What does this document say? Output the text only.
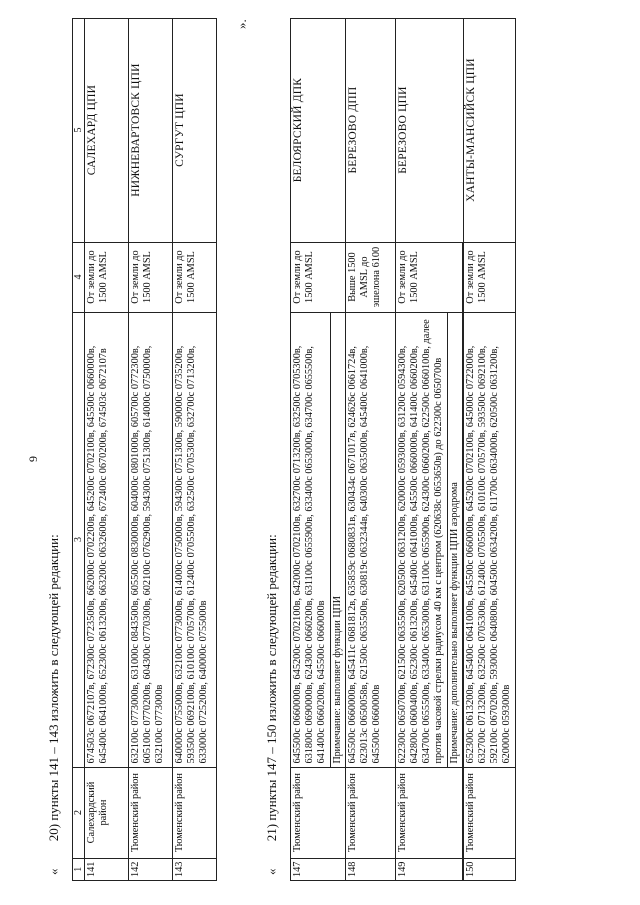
9
« 20) пункты 141 – 143 изложить в следующей редакции:
1	2	3	4	5
141	Салехардский район	674503с 0672107в, 672300с 0723500в, 662000с 0702200в, 645200с 0702100в, 645500с 0660000в, 645400с 0641000в, 652300с 0613200в, 663200с 0632600в, 672400с 0670200в, 674503с 0672107в	От земли до 1500 AMSL	САЛЕХАРД ЦПИ
142	Тюменский район	632100с 0773000в, 631000с 0843500в, 605500с 0830000в, 604000с 0801000в, 605700с 0772300в, 605100с 0770200в, 604300с 0770300в, 602100с 0762900в, 594300с 0751300в, 614000с 0750000в, 632100с 0773000в	От земли до 1500 AMSL	НИЖНЕВАРТОВСК ЦПИ
143	Тюменский район	640000с 0755000в, 632100с 0773000в, 614000с 0750000в, 594300с 0751300в, 590000с 0735200в, 593500с 0692100в, 610100с 0705700в, 612400с 0705500в, 632500с 0705300в, 632700с 0713200в, 633000с 0725200в, 640000с 0755000в	От земли до 1500 AMSL	СУРГУТ ЦПИ
».
« 21) пункты 147 – 150 изложить в следующей редакции:
147	Тюменский район	645500с 0660000в, 645200с 0702100в, 642000с 0702100в, 632700с 0713200в, 632500с 0705300в, 631800с 0690000в, 624300с 0660200в, 631100с 0655900в, 633400с 0653000в, 634700с 0655500в, 641400с 0660200в, 645500с 0660000в	От земли до 1500 AMSL	БЕЛОЯРСКИЙ ДПК
		Примечание: выполняет функции ЦПИ		
148	Тюменский район	645500с 0660000в, 645411с 0681812в, 635859с 0680831в, 630434с 0671017в, 624626с 0661724в, 623013с 0650058в, 621500с 0635500в, 630819с 0632344в, 640300с 0635000в, 645400с 0641000в, 645500с 0660000в	Выше 1500 AMSL до эшелона 6100	БЕРЕЗОВО ДПП
149	Тюменский район	622300с 0650700в, 621500с 0635500в, 620500с 0631200в, 620000с 0593000в, 631200с 0594300в, 642800с 0600400в, 652300с 0613200в, 645400с 0641000в, 645500с 0660000в, 641400с 0660200в, 634700с 0655500в, 633400с 0653000в, 631100с 0655900в, 624300с 0660200в, 622500с 0660100в, далее против часовой стрелки радиусом 40 км с центром (620638с 0653650в) до 622300с 0650700в	От земли до 1500 AMSL	БЕРЕЗОВО ЦПИ
		Примечание: дополнительно выполняет функции ЦПИ аэродрома		

150	Тюменский район	652300с 0613200в, 645400с 0641000в, 645500с 0660000в, 645200с 0702100в, 645000с 0722000в, 632700с 0713200в, 632500с 0705300в, 612400с 0705500в, 610100с 0705700в, 593500с 0692100в, 592100с 0670200в, 593000с 0640800в, 604500с 0634200в, 611700с 0634000в, 620500с 0631200в, 620000с 0593000в	От земли до 1500 AMSL	ХАНТЫ-МАНСИЙСК ЦПИ
